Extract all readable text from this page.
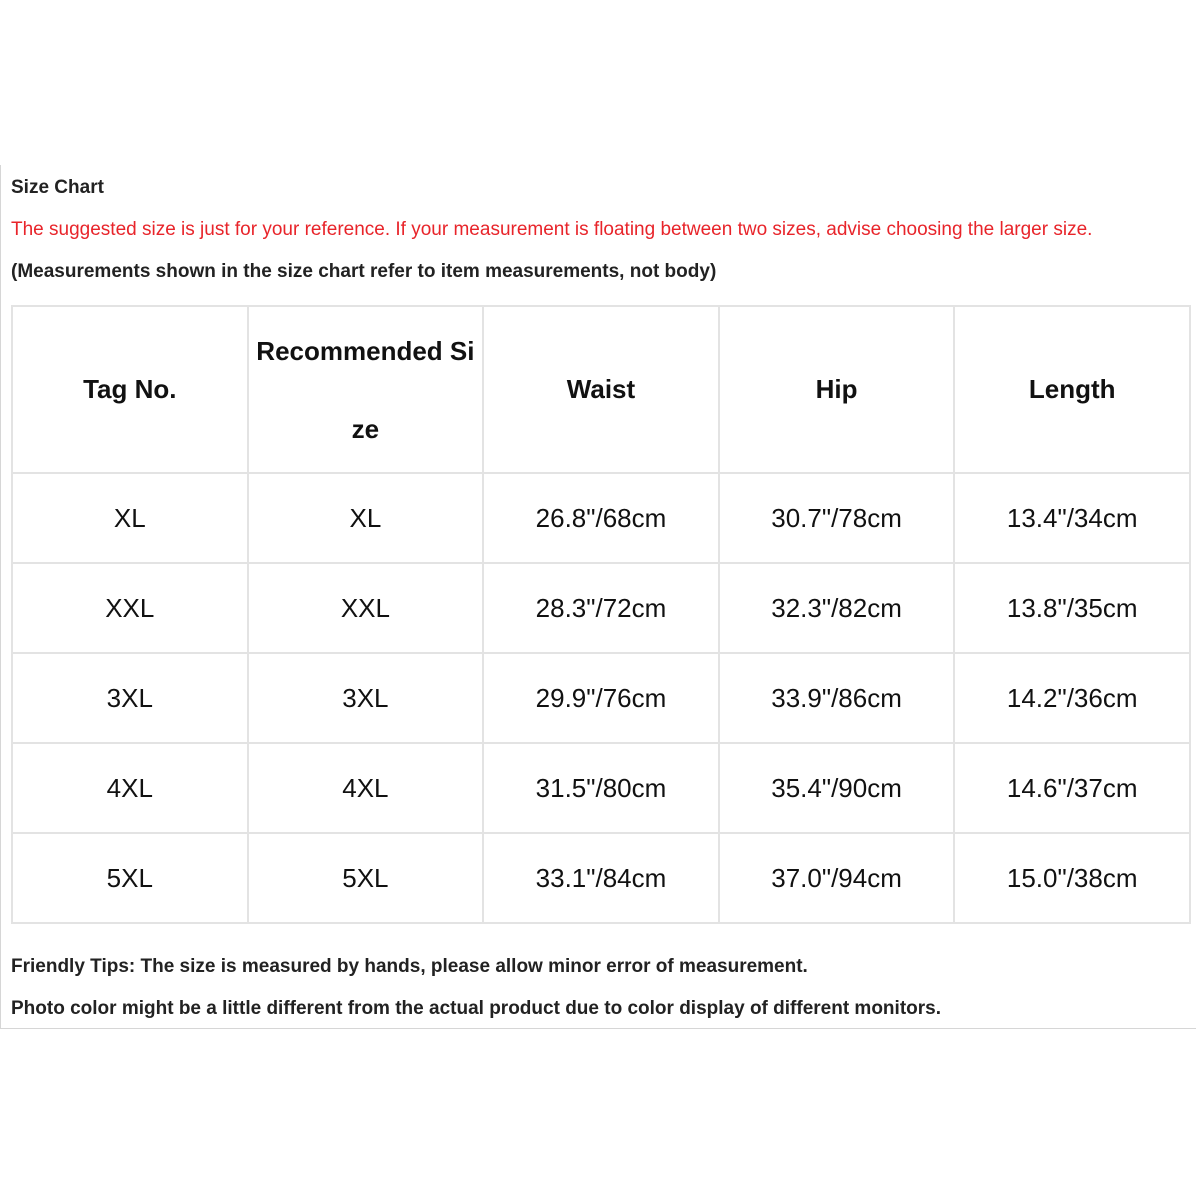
Size Chart
The suggested size is just for your reference. If your measurement is floating between two sizes, advise choosing the larger size.
(Measurements shown in the size chart refer to item measurements, not body)
Tag No.	Recommended Size	Waist	Hip	Length
XL	XL	26.8"/68cm	30.7"/78cm	13.4"/34cm
XXL	XXL	28.3"/72cm	32.3"/82cm	13.8"/35cm
3XL	3XL	29.9"/76cm	33.9"/86cm	14.2"/36cm
4XL	4XL	31.5"/80cm	35.4"/90cm	14.6"/37cm
5XL	5XL	33.1"/84cm	37.0"/94cm	15.0"/38cm
Friendly Tips: The size is measured by hands, please allow minor error of measurement.
Photo color might be a little different from the actual product due to color display of different monitors.
